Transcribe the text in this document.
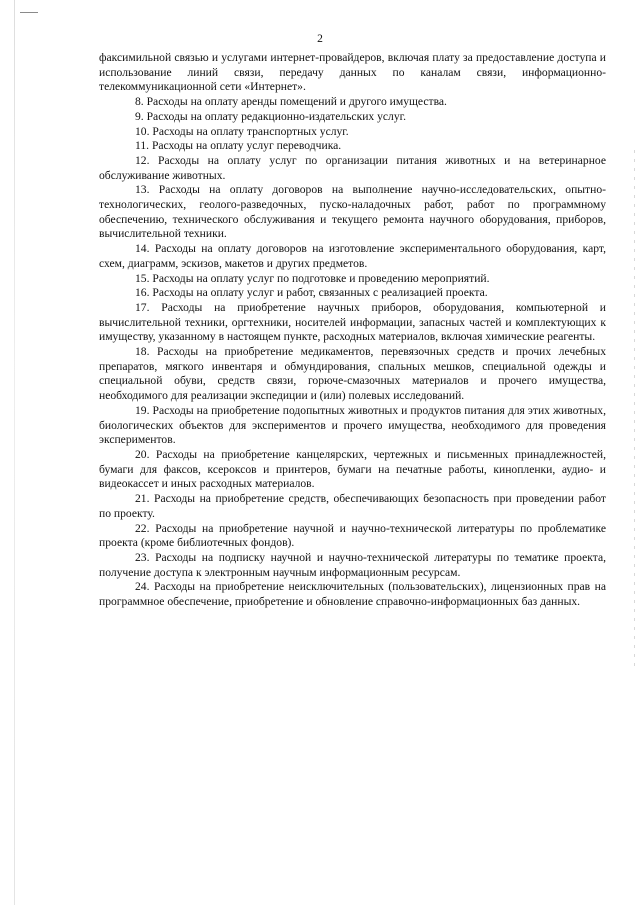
2

факсимильной связью и услугами интернет-провайдеров, включая плату за предоставление доступа и использование линий связи, передачу данных по каналам связи, информационно-телекоммуникационной сети «Интернет».

8. Расходы на оплату аренды помещений и другого имущества.

9. Расходы на оплату редакционно-издательских услуг.

10. Расходы на оплату транспортных услуг.

11. Расходы на оплату услуг переводчика.

12. Расходы на оплату услуг по организации питания животных и на ветеринарное обслуживание животных.

13. Расходы на оплату договоров на выполнение научно-исследовательских, опытно-технологических, геолого-разведочных, пуско-наладочных работ, работ по программному обеспечению, технического обслуживания и текущего ремонта научного оборудования, приборов, вычислительной техники.

14. Расходы на оплату договоров на изготовление экспериментального оборудования, карт, схем, диаграмм, эскизов, макетов и других предметов.

15. Расходы на оплату услуг по подготовке и проведению мероприятий.

16. Расходы на оплату услуг и работ, связанных с реализацией проекта.

17. Расходы на приобретение научных приборов, оборудования, компьютерной и вычислительной техники, оргтехники, носителей информации, запасных частей и комплектующих к имуществу, указанному в настоящем пункте, расходных материалов, включая химические реагенты.

18. Расходы на приобретение медикаментов, перевязочных средств и прочих лечебных препаратов, мягкого инвентаря и обмундирования, спальных мешков, специальной одежды и специальной обуви, средств связи, горюче-смазочных материалов и прочего имущества, необходимого для реализации экспедиции и (или) полевых исследований.

19. Расходы на приобретение подопытных животных и продуктов питания для этих животных, биологических объектов для экспериментов и прочего имущества, необходимого для проведения экспериментов.

20. Расходы на приобретение канцелярских, чертежных и письменных принадлежностей, бумаги для факсов, ксероксов и принтеров, бумаги на печатные работы, кинопленки, аудио- и видеокассет и иных расходных материалов.

21. Расходы на приобретение средств, обеспечивающих безопасность при проведении работ по проекту.

22. Расходы на приобретение научной и научно-технической литературы по проблематике проекта (кроме библиотечных фондов).

23. Расходы на подписку научной и научно-технической литературы по тематике проекта, получение доступа к электронным научным информационным ресурсам.

24. Расходы на приобретение неисключительных (пользовательских), лицензионных прав на программное обеспечение, приобретение и обновление справочно-информационных баз данных.
